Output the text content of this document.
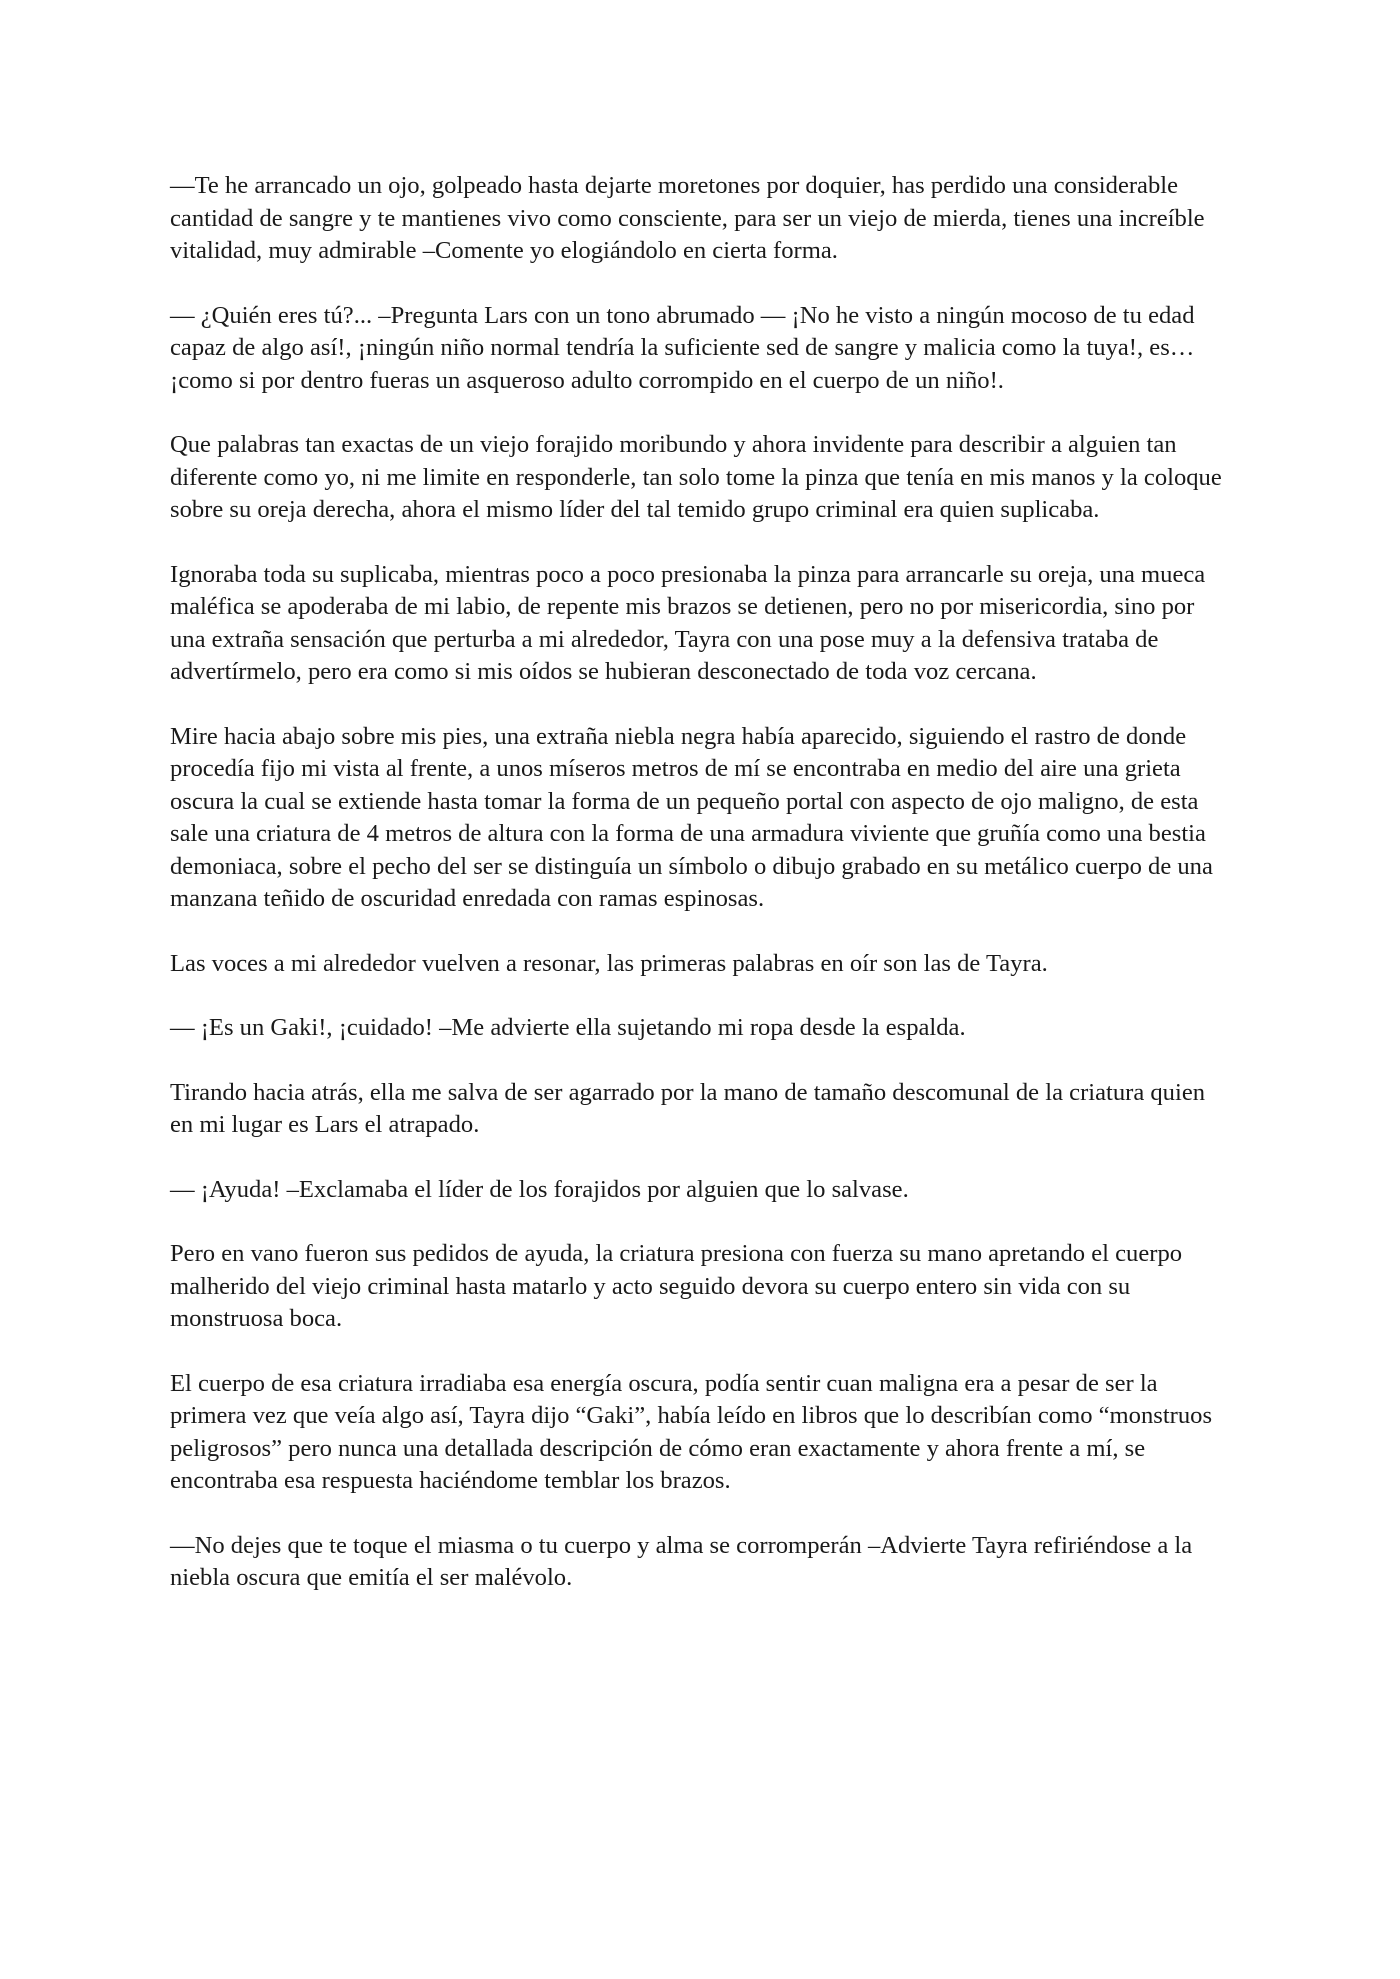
—Te he arrancado un ojo, golpeado hasta dejarte moretones por doquier, has perdido una considerable cantidad de sangre y te mantienes vivo como consciente, para ser un viejo de mierda, tienes una increíble vitalidad, muy admirable –Comente yo elogiándolo en cierta forma.

— ¿Quién eres tú?... –Pregunta Lars con un tono abrumado — ¡No he visto a ningún mocoso de tu edad capaz de algo así!, ¡ningún niño normal tendría la suficiente sed de sangre y malicia como la tuya!, es… ¡como si por dentro fueras un asqueroso adulto corrompido en el cuerpo de un niño!.

Que palabras tan exactas de un viejo forajido moribundo y ahora invidente para describir a alguien tan diferente como yo, ni me limite en responderle, tan solo tome la pinza que tenía en mis manos y la coloque sobre su oreja derecha, ahora el mismo líder del tal temido grupo criminal era quien suplicaba.

Ignoraba toda su suplicaba, mientras poco a poco presionaba la pinza para arrancarle su oreja, una mueca maléfica se apoderaba de mi labio, de repente mis brazos se detienen, pero no por misericordia, sino por una extraña sensación que perturba a mi alrededor, Tayra con una pose muy a la defensiva trataba de advertírmelo, pero era como si mis oídos se hubieran desconectado de toda voz cercana.

Mire hacia abajo sobre mis pies, una extraña niebla negra había aparecido, siguiendo el rastro de donde procedía fijo mi vista al frente, a unos míseros metros de mí se encontraba en medio del aire una grieta oscura la cual se extiende hasta tomar la forma de un pequeño portal con aspecto de ojo maligno, de esta sale una criatura de 4 metros de altura con la forma de una armadura viviente que gruñía como una bestia demoniaca, sobre el pecho del ser se distinguía un símbolo o dibujo grabado en su metálico cuerpo de una manzana teñido de oscuridad enredada con ramas espinosas.

Las voces a mi alrededor vuelven a resonar, las primeras palabras en oír son las de Tayra.

— ¡Es un Gaki!, ¡cuidado! –Me advierte ella sujetando mi ropa desde la espalda.

Tirando hacia atrás, ella me salva de ser agarrado por la mano de tamaño descomunal de la criatura quien en mi lugar es Lars el atrapado.

— ¡Ayuda! –Exclamaba el líder de los forajidos por alguien que lo salvase.

Pero en vano fueron sus pedidos de ayuda, la criatura presiona con fuerza su mano apretando el cuerpo malherido del viejo criminal hasta matarlo y acto seguido devora su cuerpo entero sin vida con su monstruosa boca.

El cuerpo de esa criatura irradiaba esa energía oscura, podía sentir cuan maligna era a pesar de ser la primera vez que veía algo así, Tayra dijo “Gaki”, había leído en libros que lo describían como “monstruos peligrosos” pero nunca una detallada descripción de cómo eran exactamente y ahora frente a mí, se encontraba esa respuesta haciéndome temblar los brazos.

—No dejes que te toque el miasma o tu cuerpo y alma se corromperán –Advierte Tayra refiriéndose a la niebla oscura que emitía el ser malévolo.
